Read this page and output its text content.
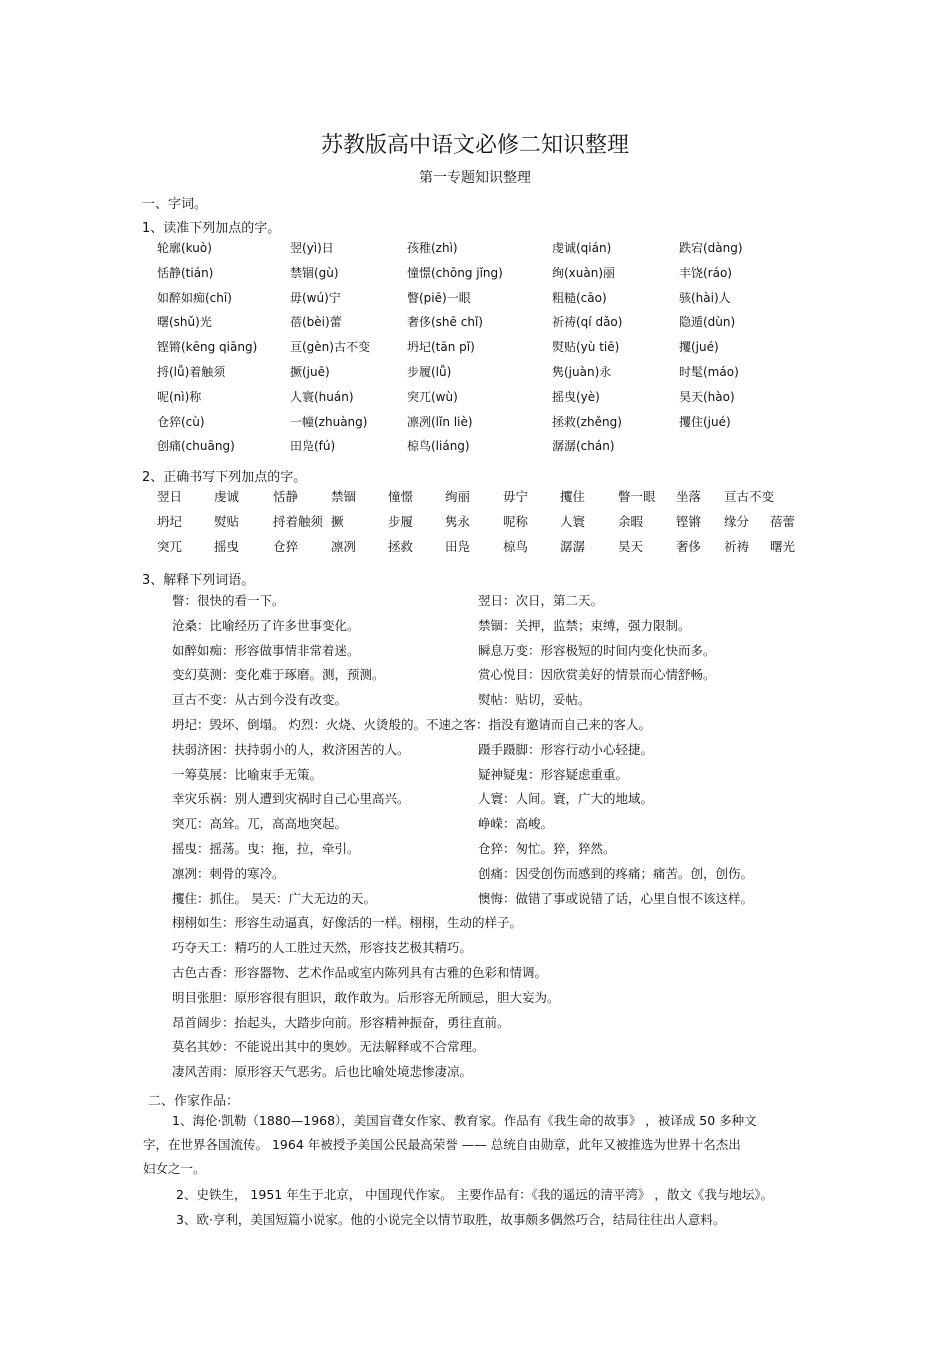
苏教版高中语文必修二知识整理
第一专题知识整理
一、字词。
1、读准下列加点的字。
轮廓(kuò)	翌(yì)日	孩稚(zhì)	虔诚(qián)	跌宕(dàng)
恬静(tián)	禁锢(gù)	憧憬(chōng jǐng)	绚(xuàn)丽	丰饶(ráo)
如醉如痴(chī)	毋(wú)宁	瞥(piē)一眼	粗糙(cāo)	骇(hài)人
曙(shǔ)光	蓓(bèi)蕾	奢侈(shē chǐ)	祈祷(qí dǎo)	隐遁(dùn)
铿锵(kēng qiāng)	亘(gèn)古不变	坍圮(tān pǐ)	熨贴(yù tiē)	攫(jué)
捋(lǚ)着触须	撅(juē)	步履(lǚ)	隽(juàn)永	时髦(máo)
呢(nì)称	人寰(huán)	突兀(wù)	摇曳(yè)	昊天(hào)
仓猝(cù)	一幢(zhuàng)	凛冽(lǐn liè)	拯救(zhěng)	攫住(jué)
创痛(chuāng)	田凫(fú)	椋鸟(liáng)	潺潺(chán)
2、正确书写下列加点的字。
翌日	虔诚	恬静	禁锢	憧憬	绚丽	毋宁	攫住	瞥一眼 坐落 亘古不变
坍圮	熨贴	捋着触须 撅	步履	隽永	呢称	人寰	余暇	铿锵 缘分 蓓蕾
突兀	摇曳	仓猝	凛冽	拯救	田凫	椋鸟	潺潺	昊天	奢侈 祈祷 曙光
3、解释下列词语。
瞥：很快的看一下。	翌日：次日，第二天。
沧桑：比喻经历了许多世事变化。	禁锢：关押，监禁；束缚，强力限制。
如醉如痴：形容做事情非常着迷。	瞬息万变：形容极短的时间内变化快而多。
变幻莫测：变化难于琢磨。测，预测。	赏心悦目：因欣赏美好的情景而心情舒畅。
亘古不变：从古到今没有改变。	熨帖：贴切，妥帖。
坍圮：毁坏、倒塌。 灼烈：火烧、火烫般的。不速之客：指没有邀请而自己来的客人。
扶弱济困：扶持弱小的人，救济困苦的人。	蹑手蹑脚：形容行动小心轻捷。
一筹莫展：比喻束手无策。	疑神疑鬼：形容疑虑重重。
幸灾乐祸：别人遭到灾祸时自己心里高兴。	人寰：人间。寰，广大的地域。
突兀：高耸。兀，高高地突起。	峥嵘：高峻。
摇曳：摇荡。曳：拖，拉，牵引。	仓猝：匆忙。猝，猝然。
凛冽：刺骨的寒冷。	创痛：因受创伤而感到的疼痛；痛苦。创，创伤。
攫住：抓住。 昊天：广大无边的天。	懊悔：做错了事或说错了话，心里自恨不该这样。
栩栩如生：形容生动逼真，好像活的一样。栩栩，生动的样子。
巧夺天工：精巧的人工胜过天然，形容技艺极其精巧。
古色古香：形容器物、艺术作品或室内陈列具有古雅的色彩和情调。
明目张胆：原形容很有胆识，敢作敢为。后形容无所顾忌，胆大妄为。
昂首阔步：抬起头，大踏步向前。形容精神振奋，勇往直前。
莫名其妙：不能说出其中的奥妙。无法解释或不合常理。
凄风苦雨：原形容天气恶劣。后也比喻处境悲惨凄凉。
二、作家作品：
1、海伦·凯勒（1880—1968），美国盲聋女作家、教育家。作品有《我生命的故事》 ，被译成 50 多种文
字，在世界各国流传。 1964 年被授予美国公民最高荣誉 —— 总统自由勋章，此年又被推选为世界十名杰出
妇女之一。
2、史铁生， 1951 年生于北京， 中国现代作家。 主要作品有：《我的遥远的清平湾》 ，散文《我与地坛》。
3、欧·亨利，美国短篇小说家。他的小说完全以情节取胜，故事颇多偶然巧合，结局往往出人意料。
